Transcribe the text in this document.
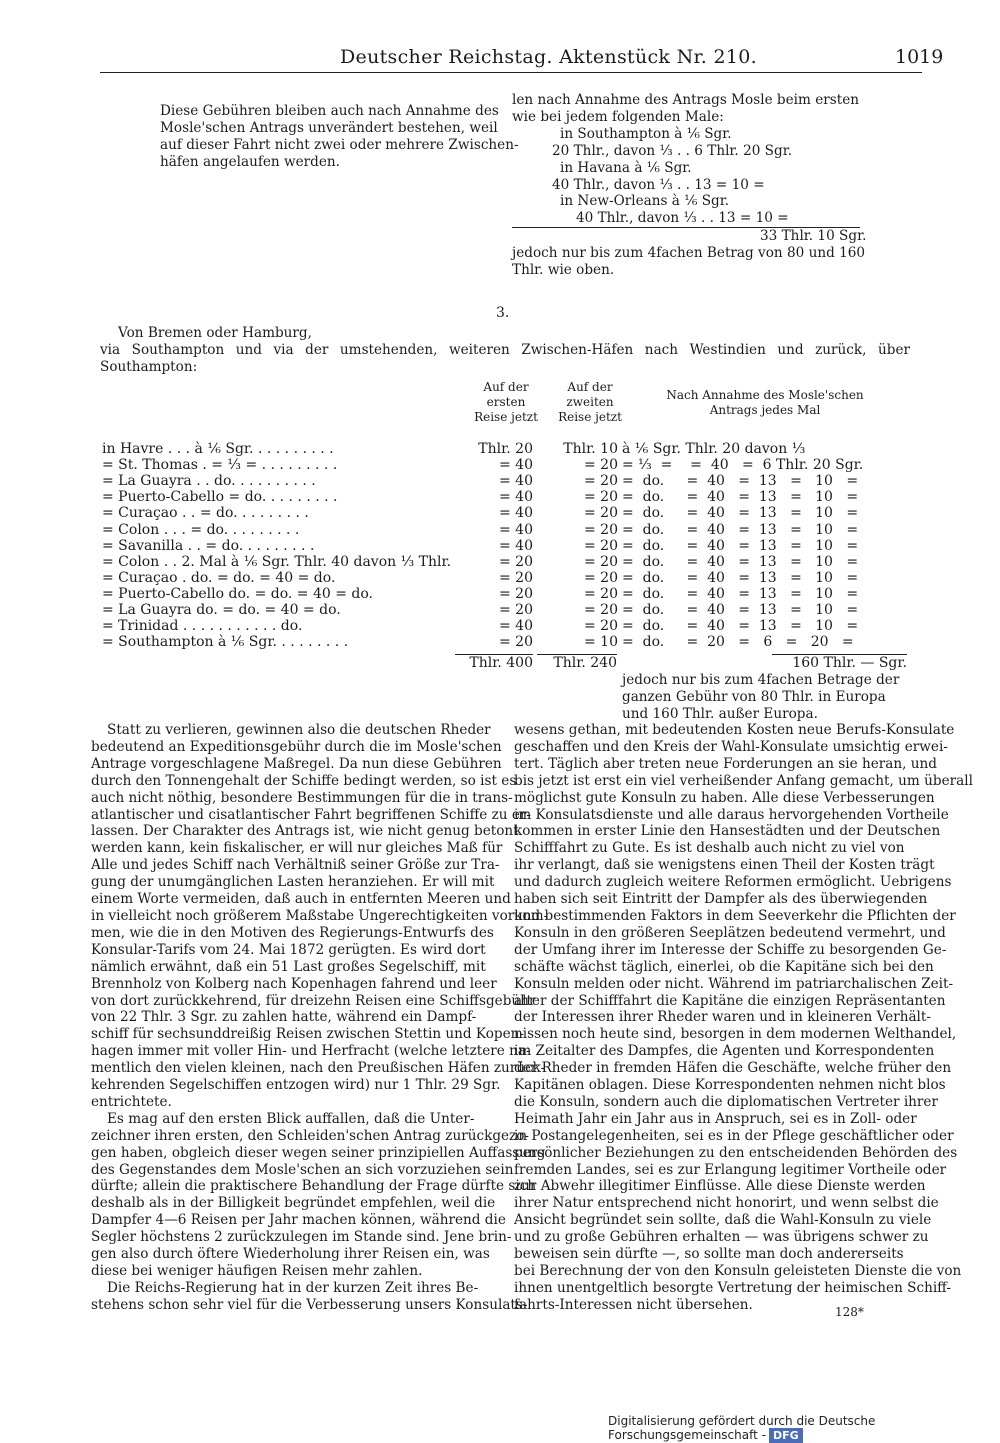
Deutscher Reichstag. Aktenstück Nr. 210.	1019
Diese Gebühren bleiben auch nach Annahme des
Mosle'schen Antrags unverändert bestehen, weil
auf dieser Fahrt nicht zwei oder mehrere Zwischen-
häfen angelaufen werden.
len nach Annahme des Antrags Mosle beim ersten
wie bei jedem folgenden Male:
in Southampton à ⅙ Sgr.
20 Thlr., davon ⅓ . . 6 Thlr. 20 Sgr.
in Havana à ⅙ Sgr.
40 Thlr., davon ⅓ . . 13 = 10 =
in New-Orleans à ⅙ Sgr.
40 Thlr., davon ⅓ . . 13 = 10 =
33 Thlr. 10 Sgr.
jedoch nur bis zum 4fachen Betrag von 80 und 160
Thlr. wie oben.
3.
Von Bremen oder Hamburg,
via Southampton und via der umstehenden, weiteren Zwischen-Häfen nach Westindien und zurück, über
Southampton:
Auf der ersten Reise jetzt
Auf der zweiten Reise jetzt
Nach Annahme des Mosle'schen Antrags jedes Mal
in Havre . . . à ⅙ Sgr. . . . . . . . . .	Thlr. 20	Thlr. 10	à ⅙ Sgr. Thlr. 20 davon ⅓
= St. Thomas . = ⅓ = . . . . . . . . .	= 40	= 20	= ⅓  =    =  40   =  6 Thlr. 20 Sgr.
= La Guayra . . do. . . . . . . . . .	= 40	= 20	=  do.     =  40   =  13   =   10   =
= Puerto-Cabello = do. . . . . . . . .	= 40	= 20	=  do.     =  40   =  13   =   10   =
= Curaçao . . = do. . . . . . . . .	= 40	= 20	=  do.     =  40   =  13   =   10   =
= Colon . . . = do. . . . . . . . .	= 40	= 20	=  do.     =  40   =  13   =   10   =
= Savanilla . . = do. . . . . . . . .	= 40	= 20	=  do.     =  40   =  13   =   10   =
= Colon . . 2. Mal à ⅙ Sgr. Thlr. 40 davon ⅓ Thlr.	= 20	= 20	=  do.     =  40   =  13   =   10   =
= Curaçao . do. = do. = 40 = do.	= 20	= 20	=  do.     =  40   =  13   =   10   =
= Puerto-Cabello do. = do. = 40 = do.	= 20	= 20	=  do.     =  40   =  13   =   10   =
= La Guayra do. = do. = 40 = do.	= 20	= 20	=  do.     =  40   =  13   =   10   =
= Trinidad . . . . . . . . . . . do.	= 40	= 20	=  do.     =  40   =  13   =   10   =
= Southampton à ⅙ Sgr. . . . . . . . .	= 20	= 10	=  do.     =  20   =   6   =   20   =
Thlr. 400	Thlr. 240	160 Thlr. — Sgr.
jedoch nur bis zum 4fachen Betrage der
ganzen Gebühr von 80 Thlr. in Europa
und 160 Thlr. außer Europa.
Statt zu verlieren, gewinnen also die deutschen Rheder
bedeutend an Expeditionsgebühr durch die im Mosle'schen
Antrage vorgeschlagene Maßregel. Da nun diese Gebühren
durch den Tonnengehalt der Schiffe bedingt werden, so ist es
auch nicht nöthig, besondere Bestimmungen für die in trans-
atlantischer und cisatlantischer Fahrt begriffenen Schiffe zu er-
lassen. Der Charakter des Antrags ist, wie nicht genug betont
werden kann, kein fiskalischer, er will nur gleiches Maß für
Alle und jedes Schiff nach Verhältniß seiner Größe zur Tra-
gung der unumgänglichen Lasten heranziehen. Er will mit
einem Worte vermeiden, daß auch in entfernten Meeren und
in vielleicht noch größerem Maßstabe Ungerechtigkeiten vorkom-
men, wie die in den Motiven des Regierungs-Entwurfs des
Konsular-Tarifs vom 24. Mai 1872 gerügten. Es wird dort
nämlich erwähnt, daß ein 51 Last großes Segelschiff, mit
Brennholz von Kolberg nach Kopenhagen fahrend und leer
von dort zurückkehrend, für dreizehn Reisen eine Schiffsgebühr
von 22 Thlr. 3 Sgr. zu zahlen hatte, während ein Dampf-
schiff für sechsunddreißig Reisen zwischen Stettin und Kopen-
hagen immer mit voller Hin- und Herfracht (welche letztere na-
mentlich den vielen kleinen, nach den Preußischen Häfen zurück-
kehrenden Segelschiffen entzogen wird) nur 1 Thlr. 29 Sgr.
entrichtete.
Es mag auf den ersten Blick auffallen, daß die Unter-
zeichner ihren ersten, den Schleiden'schen Antrag zurückgezo-
gen haben, obgleich dieser wegen seiner prinzipiellen Auffassung
des Gegenstandes dem Mosle'schen an sich vorzuziehen sein
dürfte; allein die praktischere Behandlung der Frage dürfte sich
deshalb als in der Billigkeit begründet empfehlen, weil die
Dampfer 4—6 Reisen per Jahr machen können, während die
Segler höchstens 2 zurückzulegen im Stande sind. Jene brin-
gen also durch öftere Wiederholung ihrer Reisen ein, was
diese bei weniger häufigen Reisen mehr zahlen.
Die Reichs-Regierung hat in der kurzen Zeit ihres Be-
stehens schon sehr viel für die Verbesserung unsers Konsulats-
wesens gethan, mit bedeutenden Kosten neue Berufs-Konsulate
geschaffen und den Kreis der Wahl-Konsulate umsichtig erwei-
tert. Täglich aber treten neue Forderungen an sie heran, und
bis jetzt ist erst ein viel verheißender Anfang gemacht, um überall
möglichst gute Konsuln zu haben. Alle diese Verbesserungen
im Konsulatsdienste und alle daraus hervorgehenden Vortheile
kommen in erster Linie den Hansestädten und der Deutschen
Schifffahrt zu Gute. Es ist deshalb auch nicht zu viel von
ihr verlangt, daß sie wenigstens einen Theil der Kosten trägt
und dadurch zugleich weitere Reformen ermöglicht. Uebrigens
haben sich seit Eintritt der Dampfer als des überwiegenden
und bestimmenden Faktors in dem Seeverkehr die Pflichten der
Konsuln in den größeren Seeplätzen bedeutend vermehrt, und
der Umfang ihrer im Interesse der Schiffe zu besorgenden Ge-
schäfte wächst täglich, einerlei, ob die Kapitäne sich bei den
Konsuln melden oder nicht. Während im patriarchalischen Zeit-
alter der Schifffahrt die Kapitäne die einzigen Repräsentanten
der Interessen ihrer Rheder waren und in kleineren Verhält-
nissen noch heute sind, besorgen in dem modernen Welthandel,
im Zeitalter des Dampfes, die Agenten und Korrespondenten
der Rheder in fremden Häfen die Geschäfte, welche früher den
Kapitänen oblagen. Diese Korrespondenten nehmen nicht blos
die Konsuln, sondern auch die diplomatischen Vertreter ihrer
Heimath Jahr ein Jahr aus in Anspruch, sei es in Zoll- oder
in Postangelegenheiten, sei es in der Pflege geschäftlicher oder
persönlicher Beziehungen zu den entscheidenden Behörden des
fremden Landes, sei es zur Erlangung legitimer Vortheile oder
zur Abwehr illegitimer Einflüsse. Alle diese Dienste werden
ihrer Natur entsprechend nicht honorirt, und wenn selbst die
Ansicht begründet sein sollte, daß die Wahl-Konsuln zu viele
und zu große Gebühren erhalten — was übrigens schwer zu
beweisen sein dürfte —, so sollte man doch andererseits
bei Berechnung der von den Konsuln geleisteten Dienste die von
ihnen unentgeltlich besorgte Vertretung der heimischen Schiff-
fahrts-Interessen nicht übersehen.	128*
Digitalisierung gefördert durch die Deutsche Forschungsgemeinschaft - DFG
